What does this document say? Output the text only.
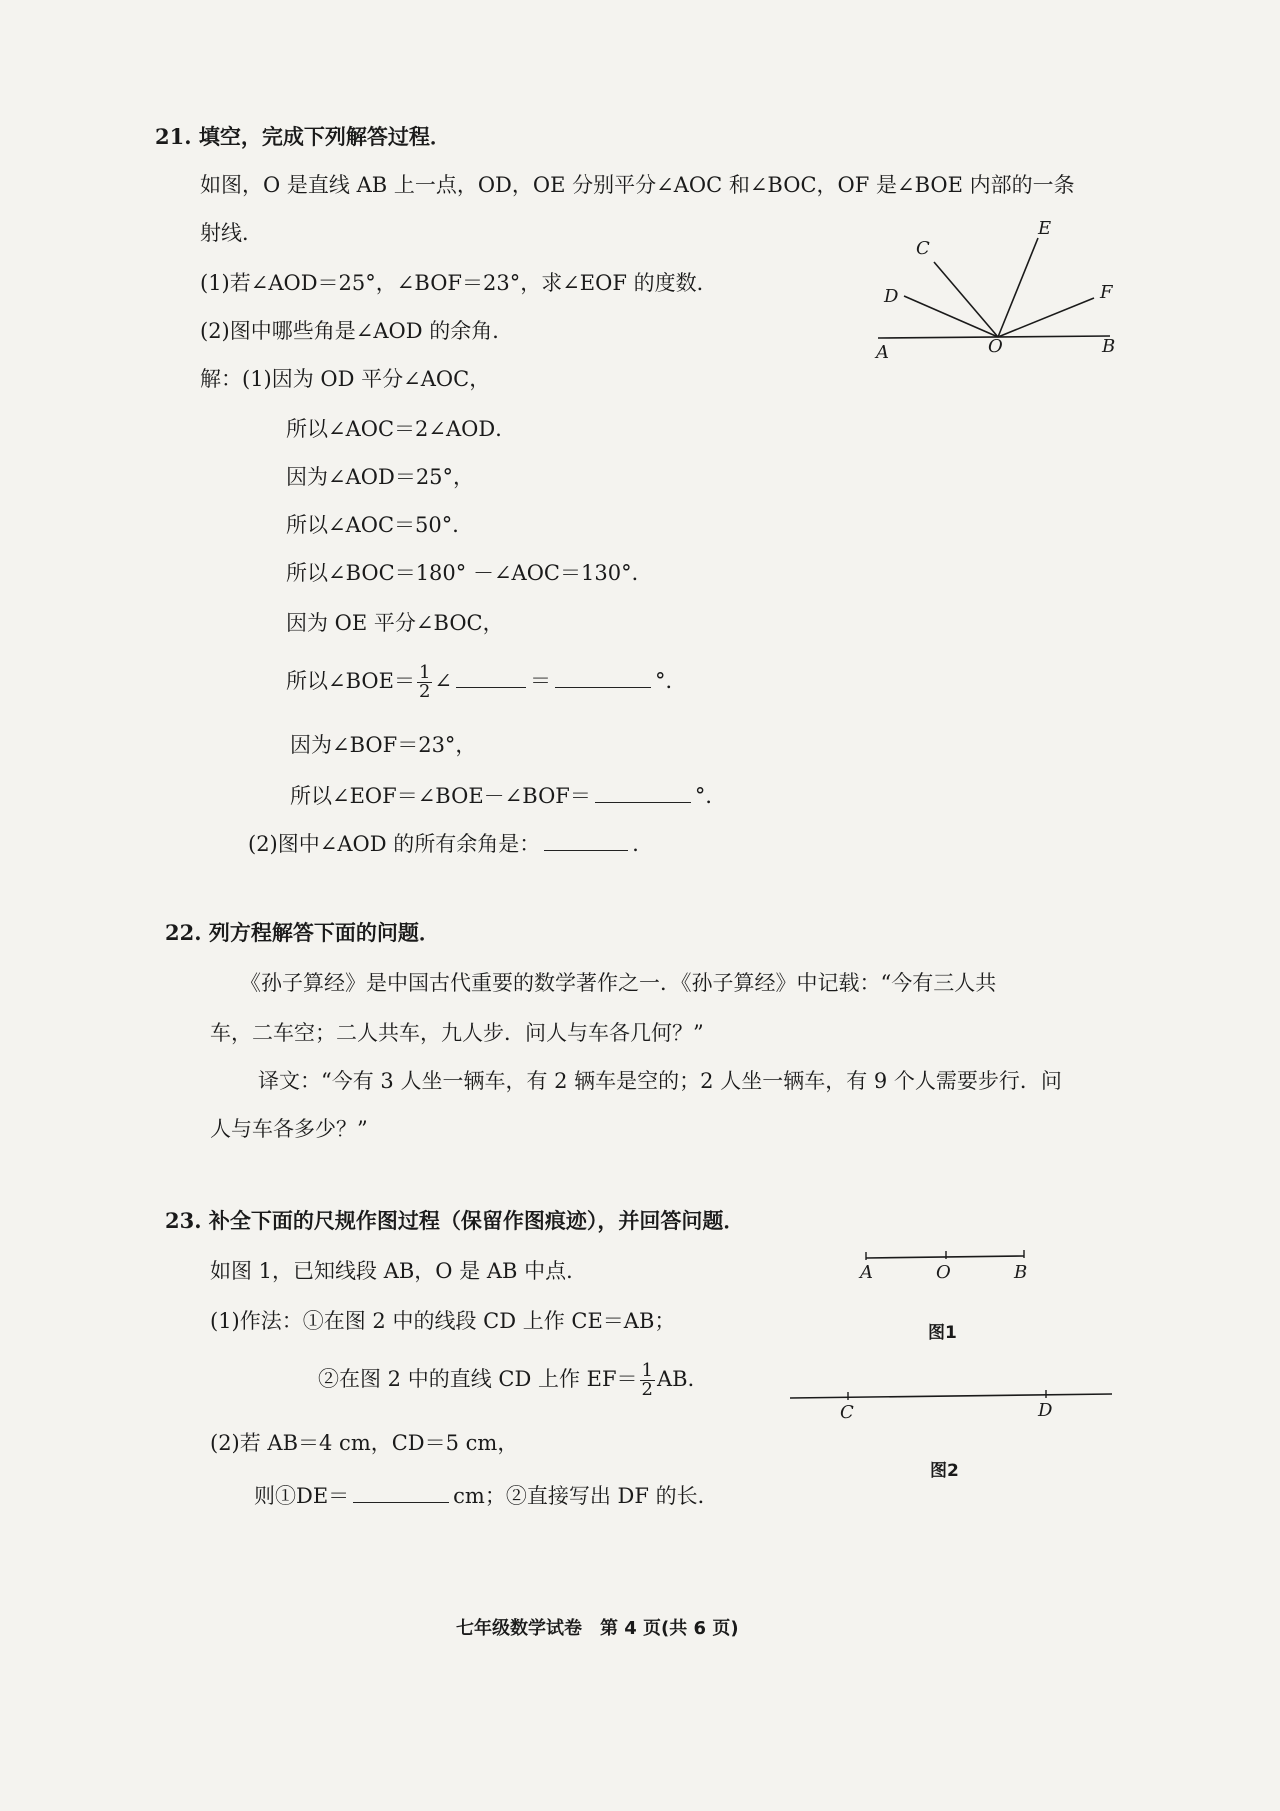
21. 填空，完成下列解答过程．
如图，O 是直线 AB 上一点，OD，OE 分别平分∠AOC 和∠BOC，OF 是∠BOE 内部的一条
射线．
(1)若∠AOD＝25°，∠BOF＝23°，求∠EOF 的度数．
(2)图中哪些角是∠AOD 的余角．
解：(1)因为 OD 平分∠AOC，
所以∠AOC＝2∠AOD．
因为∠AOD＝25°，
所以∠AOC＝50°．
所以∠BOC＝180° －∠AOC＝130°．
因为 OE 平分∠BOC，
所以∠BOE＝ $\frac{1}{2}$ ∠	＝	°．
因为∠BOF＝23°，
所以∠EOF＝∠BOE－∠BOF＝	°．
(2)图中∠AOD 的所有余角是：	．
A	O	B
C
D
E
F
22. 列方程解答下面的问题．
《孙子算经》是中国古代重要的数学著作之一．《孙子算经》中记载：“今有三人共
车，二车空；二人共车，九人步．问人与车各几何？”
译文：“今有 3 人坐一辆车，有 2 辆车是空的；2 人坐一辆车，有 9 个人需要步行．问
人与车各多少？”
23. 补全下面的尺规作图过程（保留作图痕迹），并回答问题．
如图 1，已知线段 AB，O 是 AB 中点．
(1)作法：①在图 2 中的线段 CD 上作 CE＝AB；
②在图 2 中的直线 CD 上作 $EF= \frac{1}{2}$ AB．
(2)若 AB＝4 cm，CD＝5 cm，
则①DE＝	cm；②直接写出 DF 的长．
A	O	B
图1
C	D
图2
七年级数学试卷　第 4 页(共 6 页)
